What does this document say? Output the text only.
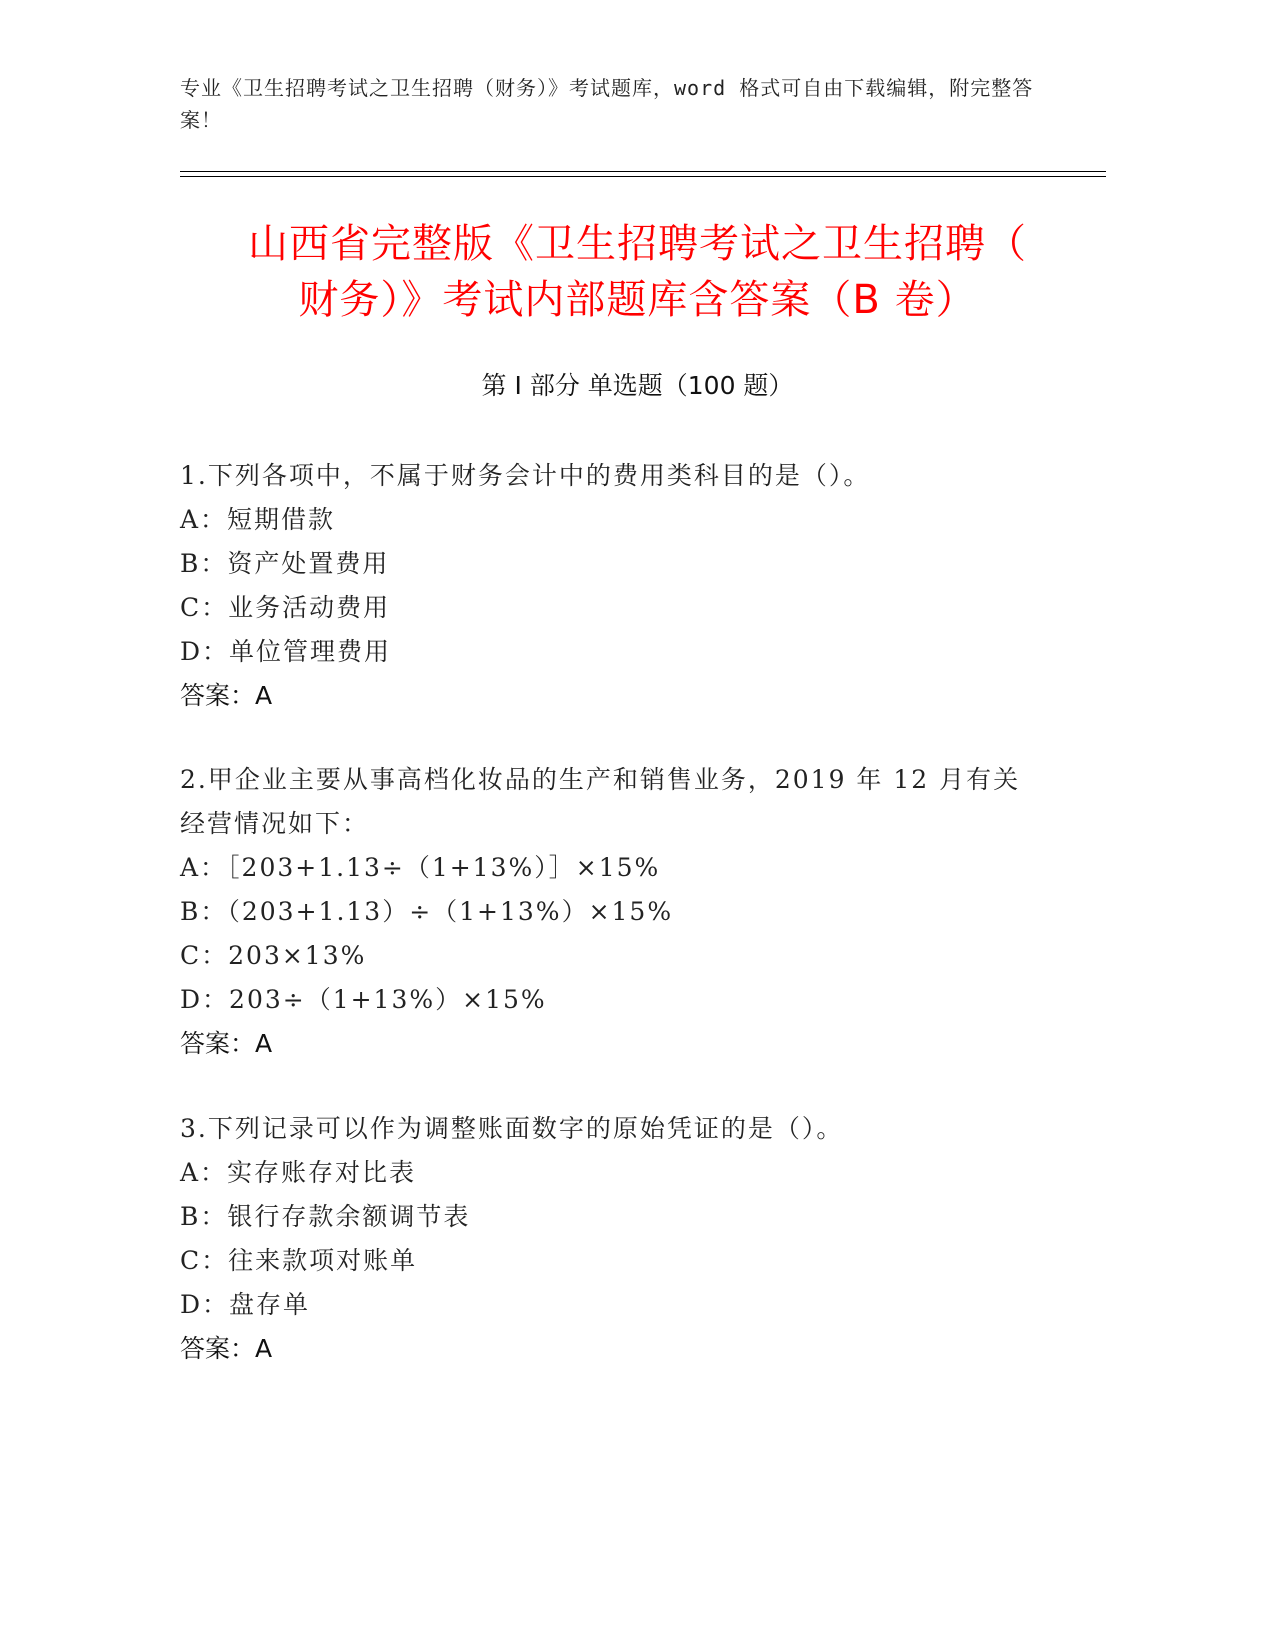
专业《卫生招聘考试之卫生招聘（财务）》考试题库，word 格式可自由下载编辑，附完整答案！
山西省完整版《卫生招聘考试之卫生招聘（
财务）》考试内部题库含答案（B 卷）
第 I 部分 单选题（100 题）
1.下列各项中，不属于财务会计中的费用类科目的是（）。
A：短期借款
B：资产处置费用
C：业务活动费用
D：单位管理费用
答案：A
2.甲企业主要从事高档化妆品的生产和销售业务，2019 年 12 月有关经营情况如下：
A：［203+1.13÷（1+13%）］×15%
B：（203+1.13）÷（1+13%）×15%
C：203×13%
D：203÷（1+13%）×15%
答案：A
3.下列记录可以作为调整账面数字的原始凭证的是（）。
A：实存账存对比表
B：银行存款余额调节表
C：往来款项对账单
D：盘存单
答案：A
